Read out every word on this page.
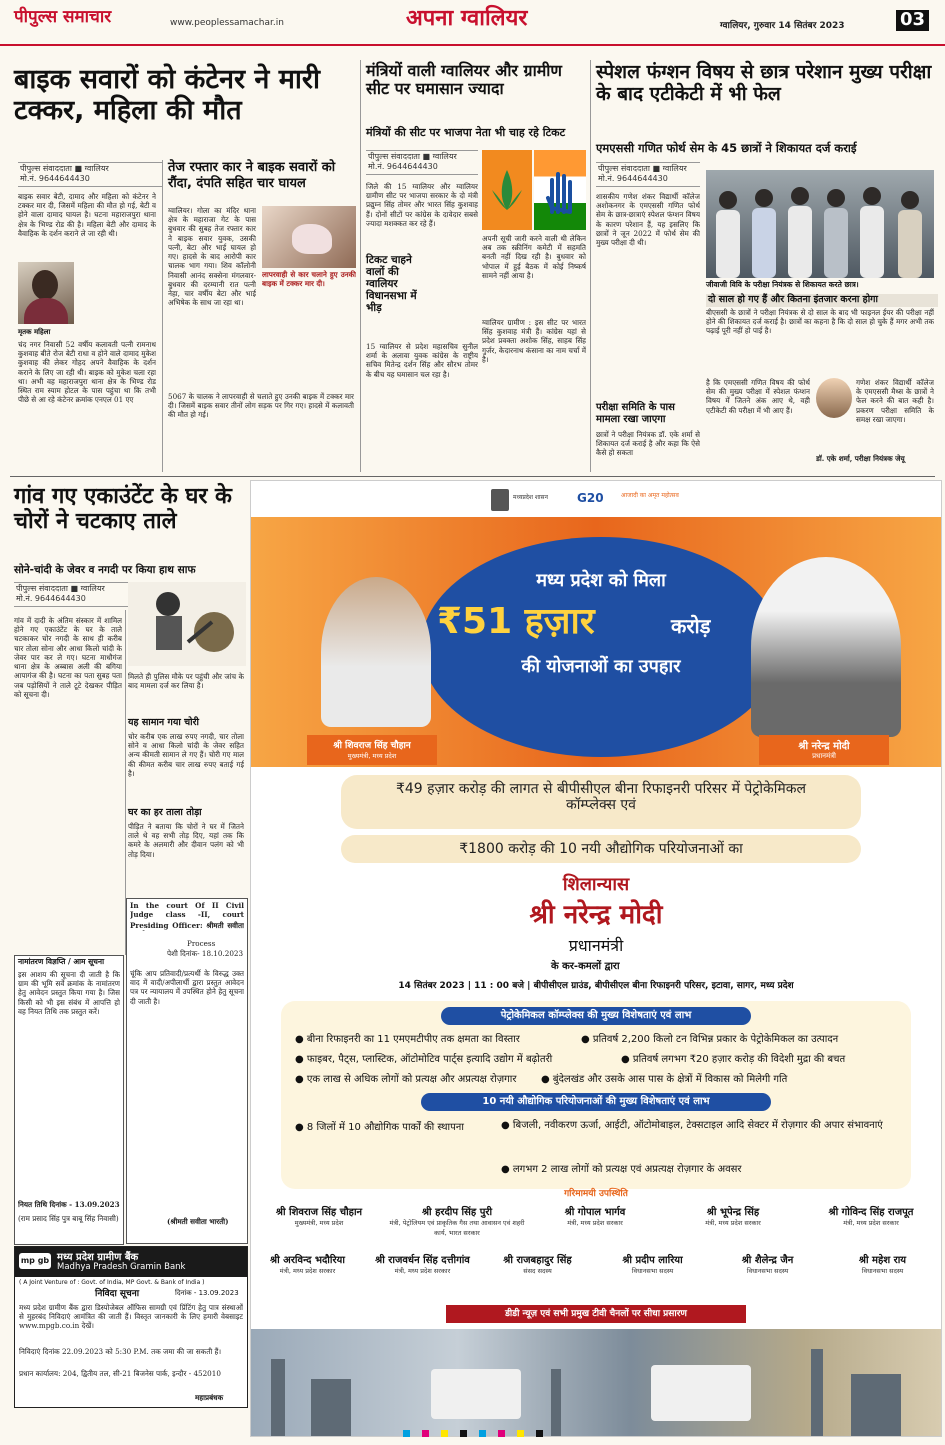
पीपुल्स समाचार	www.peoplessamachar.in	अपना ग्वालियर	ग्वालियर, गुरुवार 14 सितंबर 2023	03
बाइक सवारों को कंटेनर ने मारी टक्कर, महिला की मौत
पीपुल्स संवाददाता ■ ग्वालियर
मो.नं. 9644644430
बाइक सवार बेटी, दामाद और महिला को कंटेनर ने टक्कर मार दी, जिसमें महिला की मौत हो गई, बेटी व होने वाला दामाद घायल है। घटना महाराजपुरा थाना क्षेत्र के भिण्ड रोड की है। महिला बेटी और दामाद के वैवाहिक के दर्शन कराने ले जा रही थी।
मृतक महिला
चंद नगर निवासी 52 वर्षीय कलावती पत्नी रामनाथ कुशवाह बीते रोज बेटी राधा व होने वाले दामाद मुकेश कुशवाह की लेकर गोहद अपने वैवाहिक के दर्शन कराने के लिए जा रही थी। बाइक को मुकेश चला रहा था। अभी वह महाराजपुरा थाना क्षेत्र के भिण्ड रोड स्थित राम स्याम होटल के पास पहुंचा था कि तभी पीछे से आ रहे कंटेनर क्रमांक एनएल 01 एए
तेज रफ्तार कार ने बाइक सवारों को रौंदा, दंपति सहित चार घायल
ग्वालियर। गोला का मंदिर थाना क्षेत्र के महाराजा गेट के पास बुधवार की सुबह तेज रफ्तार कार ने बाइक सवार युवक, उसकी पत्नी, बेटा और भाई घायल हो गए। हादसे के बाद आरोपी कार चालक भाग गया। शिव कॉलोनी निवासी आनंद सक्सेना मंगलवार-बुधवार की दरम्यानी रात पत्नी नेहा, चार वर्षीय बेटा और भाई अभिषेक के साथ जा रहा था।
लापरवाही से कार चलाने हुए उनकी बाइक में टक्कर मार दी।
5067 के चालक ने लापरवाही से चलाते हुए उनकी बाइक में टक्कर मार दी। जिसमें बाइक सवार तीनों लोग सड़क पर गिर गए। हादसे में कलावती की मौत हो गई।
मंत्रियों वाली ग्वालियर और ग्रामीण सीट पर घमासान ज्यादा
मंत्रियों की सीट पर भाजपा नेता भी चाह रहे टिकट
पीपुल्स संवाददाता ■ ग्वालियर
मो.नं. 9644644430
जिले की 15 ग्वालियर और ग्वालियर ग्रामीण सीट पर भाजपा सरकार के दो मंत्री प्रद्युम्न सिंह तोमर और भारत सिंह कुशवाह हैं। दोनों सीटों पर कांग्रेस के दावेदार सबसे ज्यादा मशक्कत कर रहे हैं।
टिकट चाहने वालों की ग्वालियर विधानसभा में भीड़
15 ग्वालियर से प्रदेश महासचिव सुनील शर्मा के अलावा युवक कांग्रेस के राष्ट्रीय सचिव मितेन्द्र दर्शन सिंह और सौरभ तोमर के बीच यह घमासान चल रहा है।
अपनी सूची जारी करने वाली थी लेकिन अब तक स्क्रीनिंग कमेटी में सहमति बनती नहीं दिख रही है। बुधवार को भोपाल में हुई बैठक में कोई निष्कर्ष सामने नहीं आया है।
ग्वालियर ग्रामीण : इस सीट पर भारत सिंह कुशवाह मंत्री हैं। कांग्रेस यहां से प्रदेश प्रवक्ता अशोक सिंह, साहब सिंह गुर्जर, केदारनाथ कंसाना का नाम चर्चा में है।
स्पेशल फंग्शन विषय से छात्र परेशान मुख्य परीक्षा के बाद एटीकेटी में भी फेल
एमएससी गणित फोर्थ सेम के 45 छात्रों ने शिकायत दर्ज कराई
पीपुल्स संवाददाता ■ ग्वालियर
मो.नं. 9644644430
शासकीय गणेश शंकर विद्यार्थी कॉलेज अशोकनगर के एमएससी गणित फोर्थ सेम के छात्र-छात्राएं स्पेशल फंग्शन विषय के कारण परेशान हैं, यह इसलिए कि छात्रों ने जून 2022 में फोर्थ सेम की मुख्य परीक्षा दी थी।
जीवाजी विवि के परीक्षा नियंत्रक से शिकायत करते छात्र।
दो साल हो गए हैं और कितना इंतजार करना होगा
बीएससी के छात्रों ने परीक्षा नियंत्रक से दो साल के बाद भी फाइनल ईयर की परीक्षा नहीं होने की शिकायत दर्ज कराई है। छात्रों का कहना है कि दो साल हो चुके हैं मगर अभी तक पढ़ाई पूरी नहीं हो पाई है।
परीक्षा समिति के पास मामला रखा जाएगा
छात्रों ने परीक्षा नियंत्रक डॉ. एके शर्मा से शिकायत दर्ज कराई है और कहा कि ऐसे कैसे हो सकता
है कि एमएससी गणित विषय की फोर्थ सेम की मुख्य परीक्षा में स्पेशल फंग्शन विषय में जितने अंक आए थे, वही एटीकेटी की परीक्षा में भी आए हैं।
गणेश शंकर विद्यार्थी कॉलेज के एमएससी मैथ्स के छात्रों ने फेल करने की बात कही है। प्रकरण परीक्षा समिति के समक्ष रखा जाएगा।
डॉ. एके शर्मा, परीक्षा नियंत्रक जेयू
गांव गए एकाउंटेंट के घर के चोरों ने चटकाए ताले
सोने-चांदी के जेवर व नगदी पर किया हाथ साफ
पीपुल्स संवाददाता ■ ग्वालियर
मो.नं. 9644644430
गांव में दादी के अंतिम संस्कार में शामिल होने गए एकाउंटेंट के घर के ताले चटकाकर चोर नगदी के साथ ही करीब चार तोला सोना और आधा किलो चांदी के जेवर पार कर ले गए। घटना माधौगंज थाना क्षेत्र के अब्बास अली की बगिया आपागंज की है। घटना का पता सुबह पता जब पड़ोसियों ने ताले टूटे देखकर पीड़ित को सूचना दी।
मिलते ही पुलिस मौके पर पहुंची और जांच के बाद मामला दर्ज कर लिया है।
यह सामान गया चोरी
चोर करीब एक लाख रुपए नगदी, चार तोला सोने व आधा किलो चांदी के जेवर सहित अन्य कीमती सामान ले गए हैं। चोरी गए माल की कीमत करीब चार लाख रुपए बताई गई है।
घर का हर ताला तोड़ा
पीड़ित ने बताया कि चोरों ने घर में जितने ताले थे वह सभी तोड़ दिए, यहां तक कि कमरे के अलमारी और दीवान पलंग को भी तोड़ दिया।
In the court Of II Civil Judge class -II, court
Presiding Officer: श्रीमती सवीता
Process
पेशी दिनांक- 18.10.2023
चूंकि आप प्रतिवादी/प्रत्यर्थी के विरुद्ध उक्त वाद में वादी/अपीलार्थी द्वारा प्रस्तुत आवेदन पत्र पर न्यायालय में उपस्थित होने हेतु सूचना दी जाती है।
(श्रीमती सवीता भारती)
नामांतरण विज्ञप्ति / आम सूचना
इस आशय की सूचना दी जाती है कि ग्राम की भूमि सर्वे क्रमांक के नामांतरण हेतु आवेदन प्रस्तुत किया गया है। जिस किसी को भी इस संबंध में आपत्ति हो वह नियत तिथि तक प्रस्तुत करें।
नियत तिथि दिनांक - 13.09.2023
(राम प्रसाद सिंह पुत्र बाबू सिंह निवासी)
mp gb मध्य प्रदेश ग्रामीण बैंक
Madhya Pradesh Gramin Bank
( A Joint Venture of : Govt. of India, MP Govt. & Bank of India )
निविदा सूचना	दिनांक - 13.09.2023
मध्य प्रदेश ग्रामीण बैंक द्वारा डिस्पोजेबल ऑफिस सामग्री एवं प्रिंटिंग हेतु पात्र संस्थाओं से मुहरबंद निविदाएं आमंत्रित की जाती हैं। विस्तृत जानकारी के लिए हमारी वेबसाइट www.mpgb.co.in देखें।
निविदाएं दिनांक 22.09.2023 को 5:30 P.M. तक जमा की जा सकती हैं।
प्रधान कार्यालय: 204, द्वितीय तल, सी-21 बिजनेस पार्क, इन्दौर - 452010
महाप्रबंधक
मध्यप्रदेश शासन	G20	आजादी का अमृत महोत्सव
मध्य प्रदेश को मिला
₹51 हज़ार	करोड़
की योजनाओं का उपहार
श्री शिवराज सिंह चौहान
मुख्यमंत्री, मध्य प्रदेश
श्री नरेन्द्र मोदी
प्रधानमंत्री
₹49 हज़ार करोड़ की लागत से बीपीसीएल बीना रिफाइनरी परिसर में पेट्रोकेमिकल कॉम्प्लेक्स एवं
₹1800 करोड़ की 10 नयी औद्योगिक परियोजनाओं का
शिलान्यास
श्री नरेन्द्र मोदी
प्रधानमंत्री
के कर-कमलों द्वारा
14 सितंबर 2023 | 11 : 00 बजे | बीपीसीएल ग्राउंड, बीपीसीएल बीना रिफाइनरी परिसर, इटावा, सागर, मध्य प्रदेश
पेट्रोकेमिकल कॉम्प्लेक्स की मुख्य विशेषताएं एवं लाभ
● बीना रिफाइनरी का 11 एमएमटीपीए तक क्षमता का विस्तार	● प्रतिवर्ष 2,200 किलो टन विभिन्न प्रकार के पेट्रोकेमिकल का उत्पादन
● फाइबर, पैट्स, प्लास्टिक, ऑटोमोटिव पार्ट्स इत्यादि उद्योग में बढ़ोतरी	● प्रतिवर्ष लगभग ₹20 हज़ार करोड़ की विदेशी मुद्रा की बचत
● एक लाख से अधिक लोगों को प्रत्यक्ष और अप्रत्यक्ष रोज़गार ● बुंदेलखंड और उसके आस पास के क्षेत्रों में विकास को मिलेगी गति
10 नयी औद्योगिक परियोजनाओं की मुख्य विशेषताएं एवं लाभ
● 8 जिलों में 10 औद्योगिक पार्कों की स्थापना	● बिजली, नवीकरण ऊर्जा, आईटी, ऑटोमोबाइल, टेक्सटाइल आदि सेक्टर में रोज़गार की अपार संभावनाएं
● लगभग 2 लाख लोगों को प्रत्यक्ष एवं अप्रत्यक्ष रोज़गार के अवसर
गरिमामयी उपस्थिति
डीडी न्यूज़ एवं सभी प्रमुख टीवी चैनलों पर सीधा प्रसारण

श्री शिवराज सिंह चौहान
मुख्यमंत्री, मध्य प्रदेश
श्री हरदीप सिंह पुरी
मंत्री, पेट्रोलियम एवं प्राकृतिक गैस तथा आवासन एवं शहरी कार्य, भारत सरकार
श्री गोपाल भार्गव
मंत्री, मध्य प्रदेश सरकार
श्री भूपेन्द्र सिंह
मंत्री, मध्य प्रदेश सरकार
श्री गोविन्द सिंह राजपूत
मंत्री, मध्य प्रदेश सरकार
श्री अरविन्द भदौरिया
मंत्री, मध्य प्रदेश सरकार
श्री राजवर्धन सिंह दत्तीगांव
मंत्री, मध्य प्रदेश सरकार
श्री राजबहादुर सिंह
संसद सदस्य
श्री प्रदीप लारिया
विधानसभा सदस्य
श्री शैलेन्द्र जैन
विधानसभा सदस्य
श्री महेश राय
विधानसभा सदस्य
